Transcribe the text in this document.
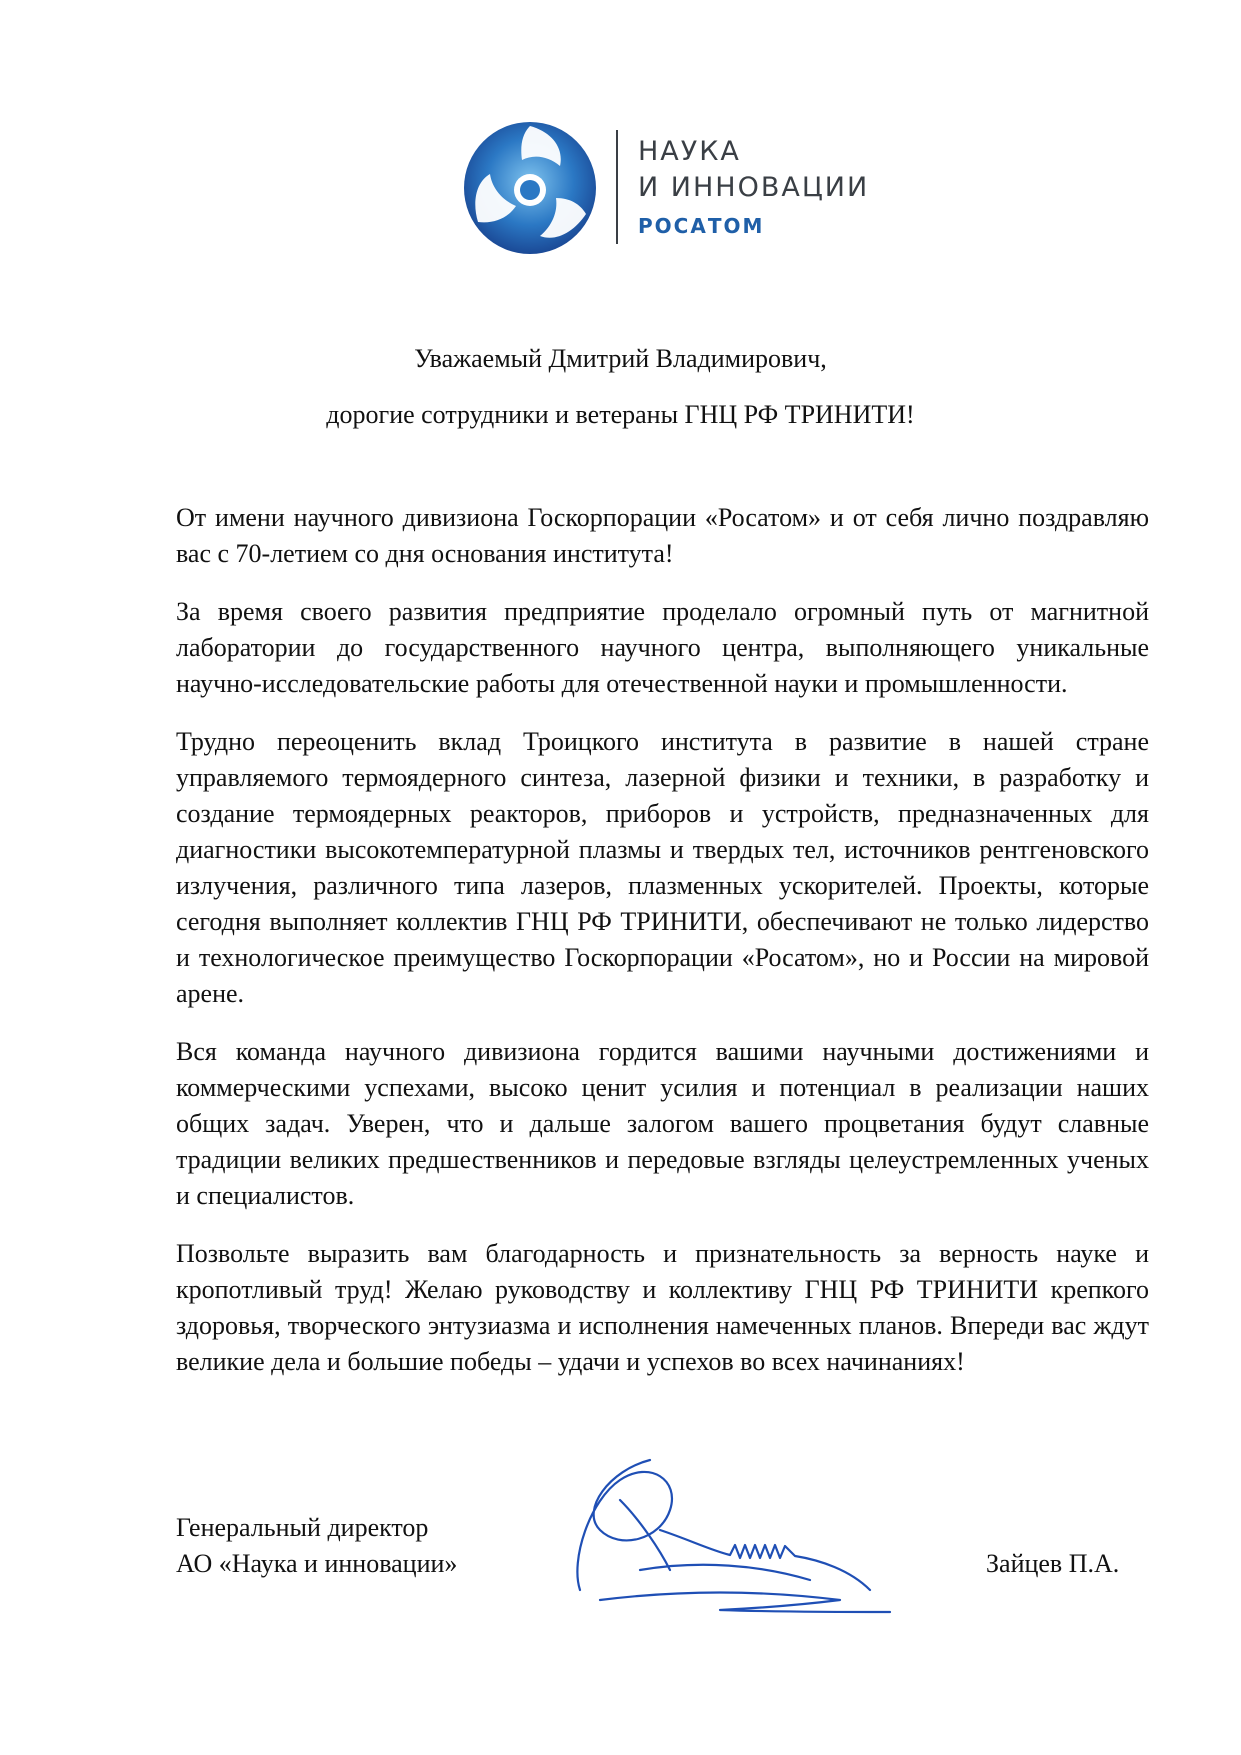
НАУКА
И ИННОВАЦИИ
РОСАТОМ

Уважаемый Дмитрий Владимирович,

дорогие сотрудники и ветераны ГНЦ РФ ТРИНИТИ!

От имени научного дивизиона Госкорпорации «Росатом» и от себя лично поздравляю вас с 70-летием со дня основания института!

За время своего развития предприятие проделало огромный путь от магнитной лаборатории до государственного научного центра, выполняющего уникальные научно-исследовательские работы для отечественной науки и промышленности.

Трудно переоценить вклад Троицкого института в развитие в нашей стране управляемого термоядерного синтеза, лазерной физики и техники, в разработку и создание термоядерных реакторов, приборов и устройств, предназначенных для диагностики высокотемпературной плазмы и твердых тел, источников рентгеновского излучения, различного типа лазеров, плазменных ускорителей. Проекты, которые сегодня выполняет коллектив ГНЦ РФ ТРИНИТИ, обеспечивают не только лидерство и технологическое преимущество Госкорпорации «Росатом», но и России на мировой арене.

Вся команда научного дивизиона гордится вашими научными достижениями и коммерческими успехами, высоко ценит усилия и потенциал в реализации наших общих задач. Уверен, что и дальше залогом вашего процветания будут славные традиции великих предшественников и передовые взгляды целеустремленных ученых и специалистов.

Позвольте выразить вам благодарность и признательность за верность науке и кропотливый труд! Желаю руководству и коллективу ГНЦ РФ ТРИНИТИ крепкого здоровья, творческого энтузиазма и исполнения намеченных планов. Впереди вас ждут великие дела и большие победы – удачи и успехов во всех начинаниях!

Генеральный директор
АО «Наука и инновации»	Зайцев П.А.
